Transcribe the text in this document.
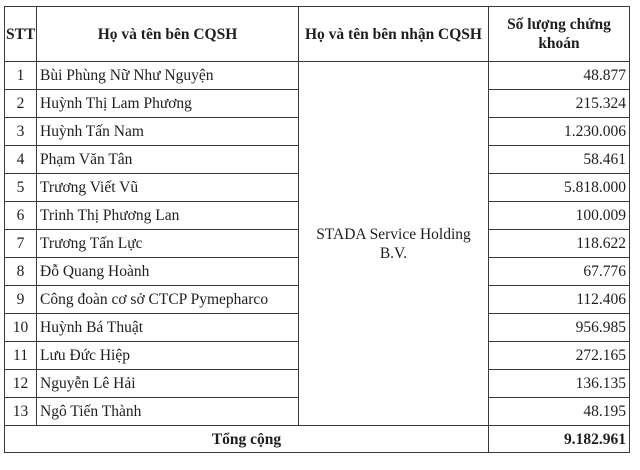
STT	Họ và tên bên CQSH	Họ và tên bên nhận CQSH	Số lượng chứng khoán
1	Bùi Phùng Nữ Như Nguyện	STADA Service Holding B.V.	48.877
2	Huỳnh Thị Lam Phương		215.324
3	Huỳnh Tấn Nam		1.230.006
4	Phạm Văn Tân		58.461
5	Trương Viết Vũ		5.818.000
6	Trinh Thị Phương Lan		100.009
7	Trương Tấn Lực		118.622
8	Đỗ Quang Hoành		67.776
9	Công đoàn cơ sở CTCP Pymepharco		112.406
10	Huỳnh Bá Thuật		956.985
11	Lưu Đức Hiệp		272.165
12	Nguyễn Lê Hải		136.135
13	Ngô Tiến Thành		48.195
Tổng cộng			9.182.961
